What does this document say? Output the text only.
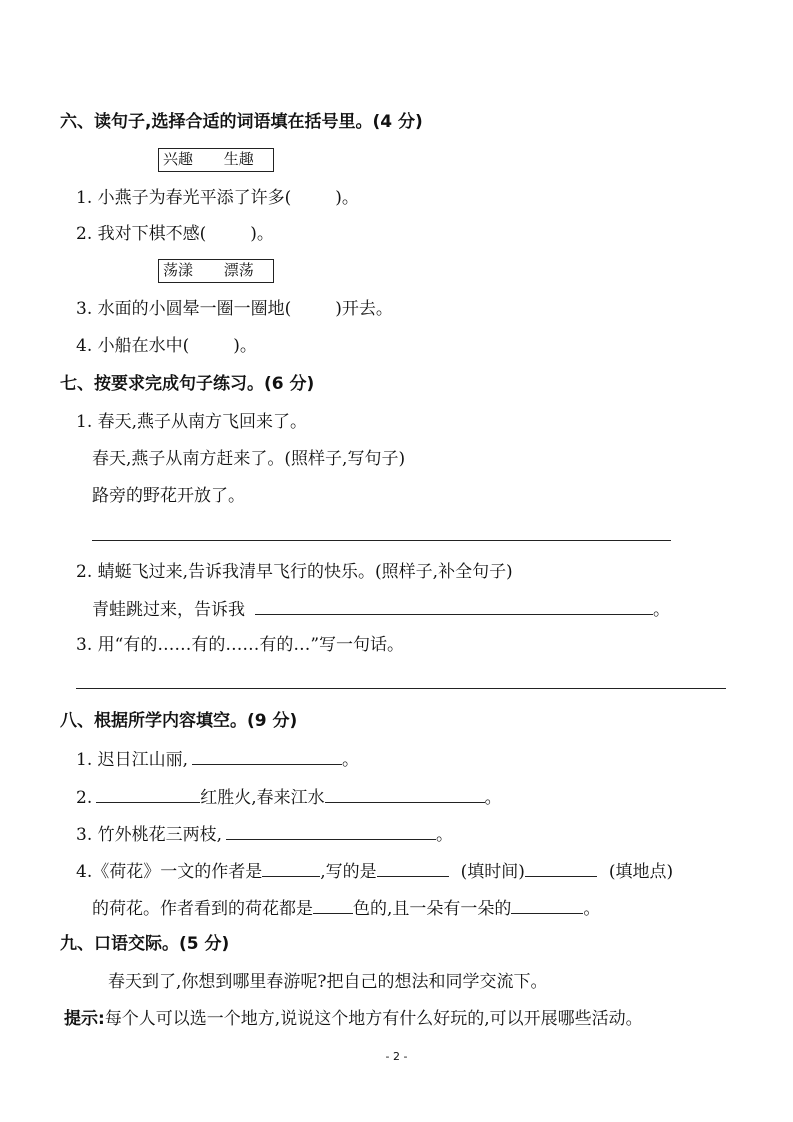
六、读句子,选择合适的词语填在括号里。(4 分)
兴趣 生趣
1. 小燕子为春光平添了许多(	)。
2. 我对下棋不感(	)。
荡漾 漂荡
3. 水面的小圆晕一圈一圈地(	)开去。
4. 小船在水中(	)。
七、按要求完成句子练习。(6 分)
1. 春天,燕子从南方飞回来了。
春天,燕子从南方赶来了。(照样子,写句子)
路旁的野花开放了。
2. 蜻蜓飞过来,告诉我清早飞行的快乐。(照样子,补全句子)
青蛙跳过来，告诉我	。
3. 用“有的……有的……有的…”写一句话。
八、根据所学内容填空。(9 分)
1. 迟日江山丽,	。
2.	红胜火,春来江水	。
3. 竹外桃花三两枝,	。
4.《荷花》一文的作者是	,写的是	(填时间)	(填地点)
的荷花。作者看到的荷花都是 色的,且一朵有一朵的	。
九、口语交际。(5 分)
春天到了,你想到哪里春游呢?把自己的想法和同学交流下。
提示:每个人可以选一个地方,说说这个地方有什么好玩的,可以开展哪些活动。
- 2 -
